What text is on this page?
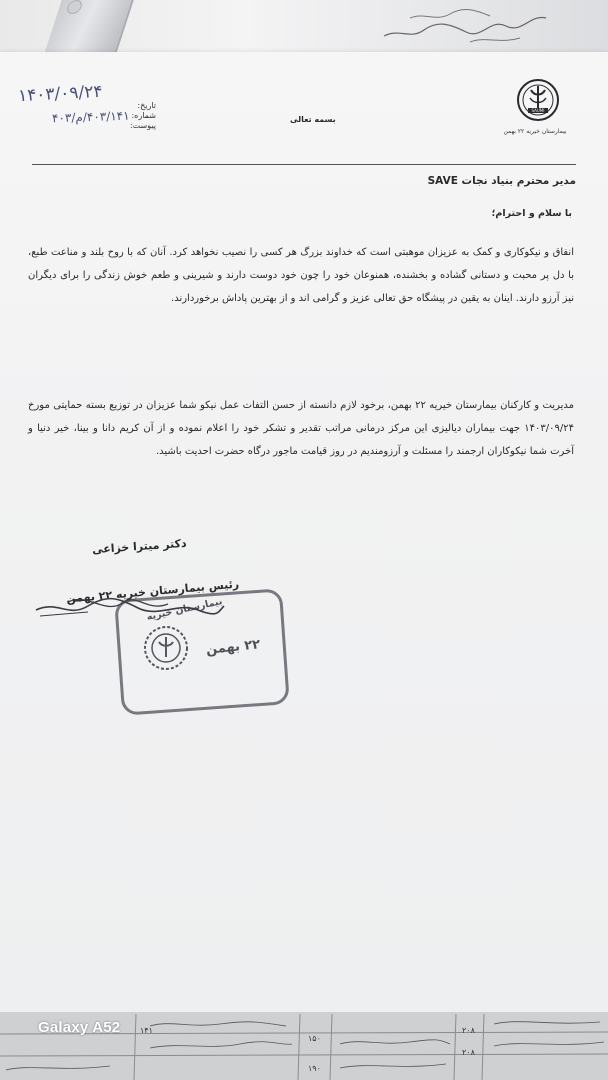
SAUMI
بیمارستان خیریه ۲۲ بهمن
بسمه تعالی
تاریخ:
شماره:
پیوست:
۱۴۰۳/۰۹/۲۴
۴۰۳/۱۴۱/م/۴۰۳
مدیر محترم بنیاد نجات SAVE
با سلام و احترام؛
انفاق و نیکوکاری و کمک به عزیزان موهبتی است که خداوند بزرگ هر کسی را نصیب نخواهد کرد. آنان که با روح بلند و مناعت طبع، با دل پر محبت و دستانی گشاده و بخشنده، همنوعان خود را چون خود دوست دارند و شیرینی و طعم خوش زندگی را برای دیگران نیز آرزو دارند. اینان به یقین در پیشگاه حق تعالی عزیز و گرامی اند و از بهترین پاداش برخوردارند.
مدیریت و کارکنان بیمارستان خیریه ۲۲ بهمن، برخود لازم دانسته از حسن التفات عمل نیکو شما عزیزان در توزیع بسته حمایتی مورخ ۱۴۰۳/۰۹/۲۴ جهت بیماران دیالیزی این مرکز درمانی مراتب تقدیر و تشکر خود را اعلام نموده و از آن کریم دانا و بینا، خیر دنیا و آخرت شما نیکوکاران ارجمند را مسئلت و آرزومندیم در روز قیامت ماجور درگاه حضرت احدیت باشید.
بیمارستان خیریه
۲۲ بهمن
دکتر میترا خزاعی
رئیس بیمارستان خیریه ۲۲ بهمن
۱۴۱
۱۹۰
۲۰۸
۲۰۸
۱۵۰
Galaxy A52
